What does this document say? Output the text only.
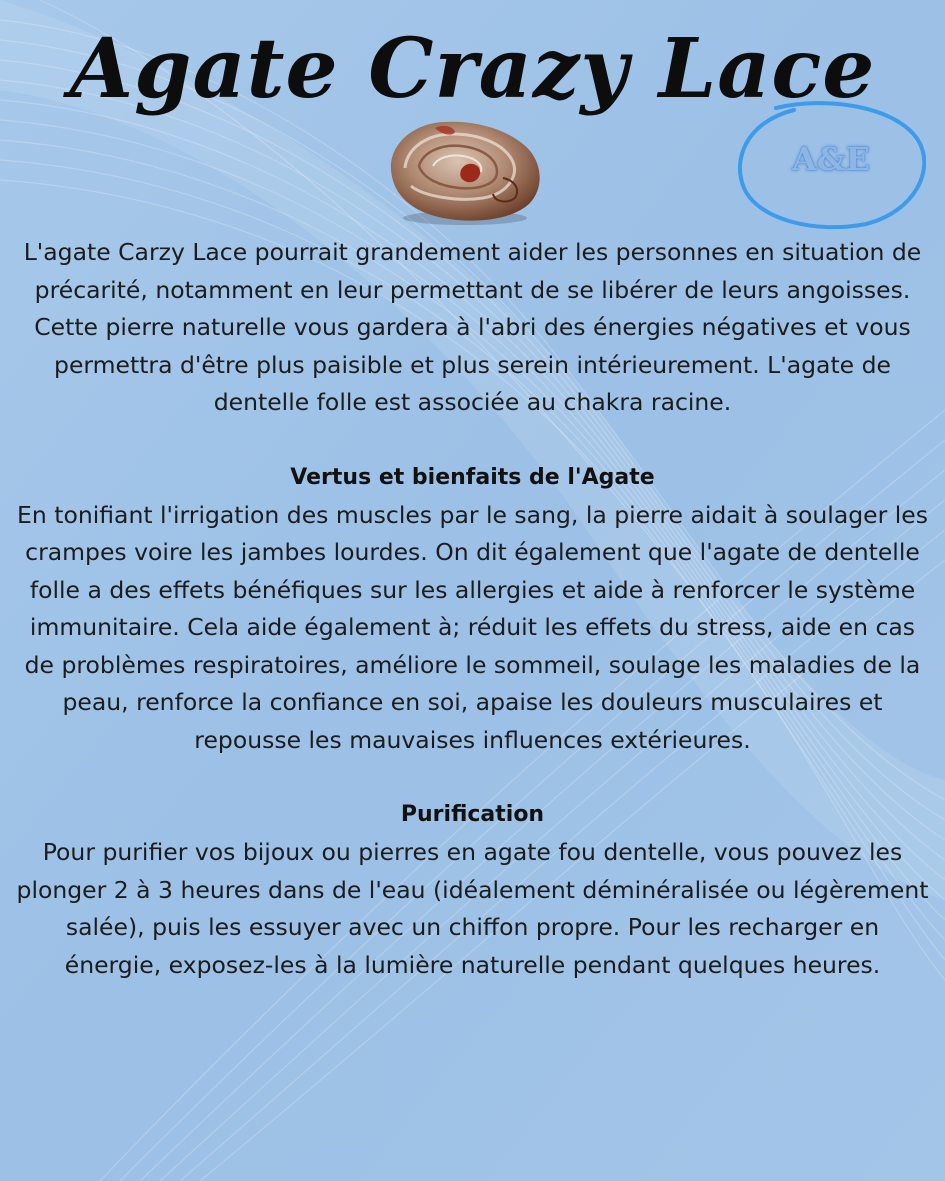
Agate Crazy Lace
A&E

L'agate Carzy Lace pourrait grandement aider les personnes en situation de précarité, notamment en leur permettant de se libérer de leurs angoisses. Cette pierre naturelle vous gardera à l'abri des énergies négatives et vous permettra d'être plus paisible et plus serein intérieurement. L'agate de dentelle folle est associée au chakra racine.

Vertus et bienfaits de l'Agate

En tonifiant l'irrigation des muscles par le sang, la pierre aidait à soulager les crampes voire les jambes lourdes. On dit également que l'agate de dentelle folle a des effets bénéfiques sur les allergies et aide à renforcer le système immunitaire. Cela aide également à; réduit les effets du stress, aide en cas de problèmes respiratoires, améliore le sommeil, soulage les maladies de la peau, renforce la confiance en soi, apaise les douleurs musculaires et repousse les mauvaises influences extérieures.

Purification

Pour purifier vos bijoux ou pierres en agate fou dentelle, vous pouvez les plonger 2 à 3 heures dans de l'eau (idéalement déminéralisée ou légèrement salée), puis les essuyer avec un chiffon propre. Pour les recharger en énergie, exposez-les à la lumière naturelle pendant quelques heures.
